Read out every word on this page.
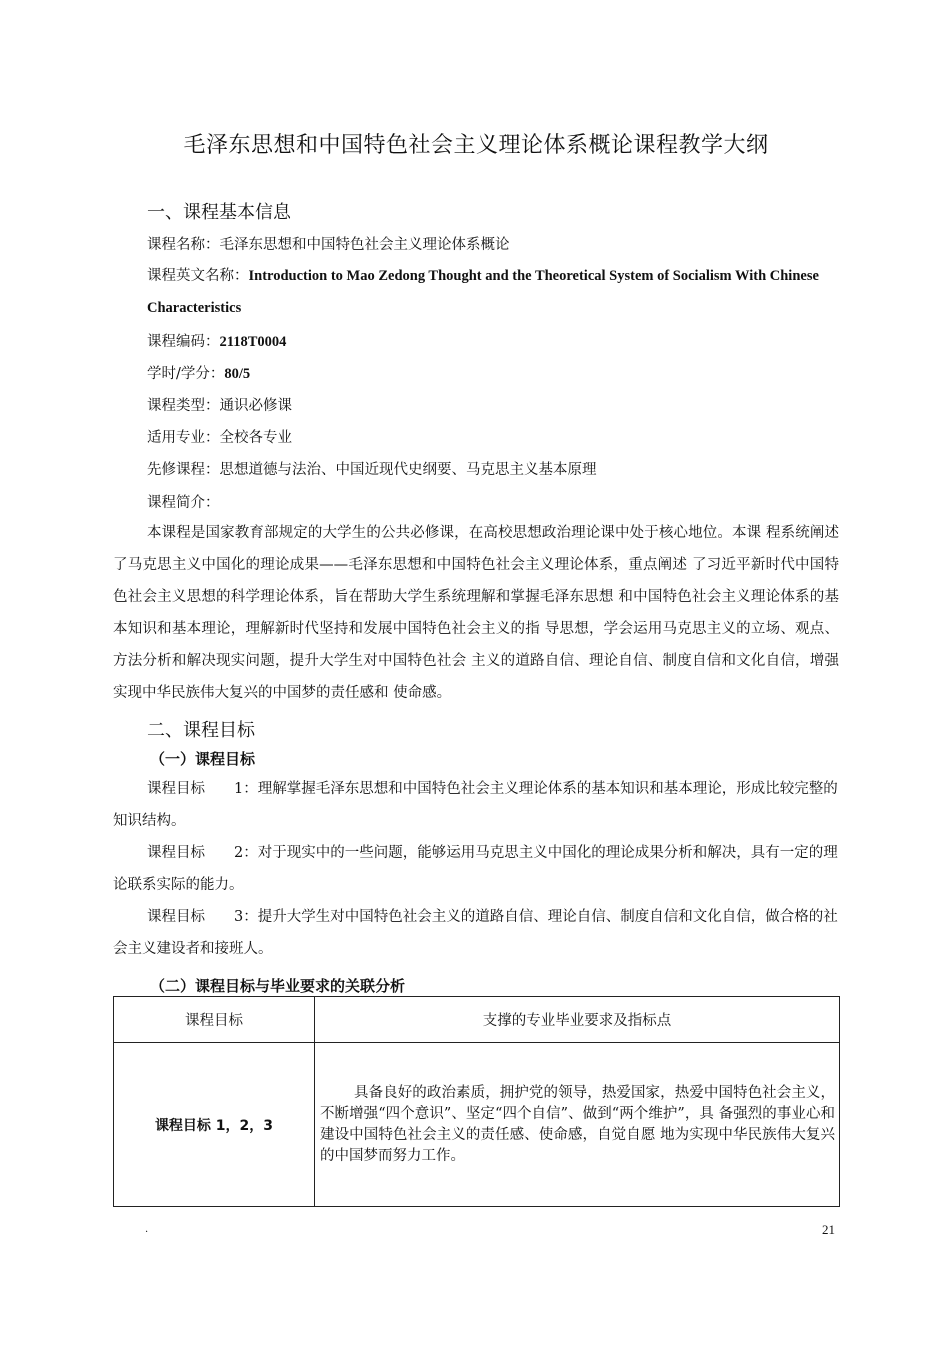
毛泽东思想和中国特色社会主义理论体系概论课程教学大纲
一、课程基本信息
课程名称：毛泽东思想和中国特色社会主义理论体系概论
课程英文名称：Introduction to Mao Zedong Thought and the Theoretical System of Socialism With Chinese Characteristics
课程编码：2118T0004
学时/学分：80/5
课程类型：通识必修课
适用专业：全校各专业
先修课程：思想道德与法治、中国近现代史纲要、马克思主义基本原理
课程简介：
本课程是国家教育部规定的大学生的公共必修课，在高校思想政治理论课中处于核心地位。本课 程系统阐述了马克思主义中国化的理论成果——毛泽东思想和中国特色社会主义理论体系，重点阐述 了习近平新时代中国特色社会主义思想的科学理论体系，旨在帮助大学生系统理解和掌握毛泽东思想 和中国特色社会主义理论体系的基本知识和基本理论，理解新时代坚持和发展中国特色社会主义的指 导思想，学会运用马克思主义的立场、观点、方法分析和解决现实问题，提升大学生对中国特色社会 主义的道路自信、理论自信、制度自信和文化自信，增强实现中华民族伟大复兴的中国梦的责任感和 使命感。
二、课程目标
（一）课程目标
课程目标　　1：理解掌握毛泽东思想和中国特色社会主义理论体系的基本知识和基本理论，形成比较完整的知识结构。
课程目标　　2：对于现实中的一些问题，能够运用马克思主义中国化的理论成果分析和解决，具有一定的理论联系实际的能力。
课程目标　　3：提升大学生对中国特色社会主义的道路自信、理论自信、制度自信和文化自信，做合格的社会主义建设者和接班人。
（二）课程目标与毕业要求的关联分析
课程目标	支撑的专业毕业要求及指标点
课程目标 1，2，3	具备良好的政治素质，拥护党的领导，热爱国家，热爱中国特色社会主义，不断增强“四个意识”、坚定“四个自信”、做到“两个维护”，具 备强烈的事业心和建设中国特色社会主义的责任感、使命感，自觉自愿 地为实现中华民族伟大复兴的中国梦而努力工作。
.	21
